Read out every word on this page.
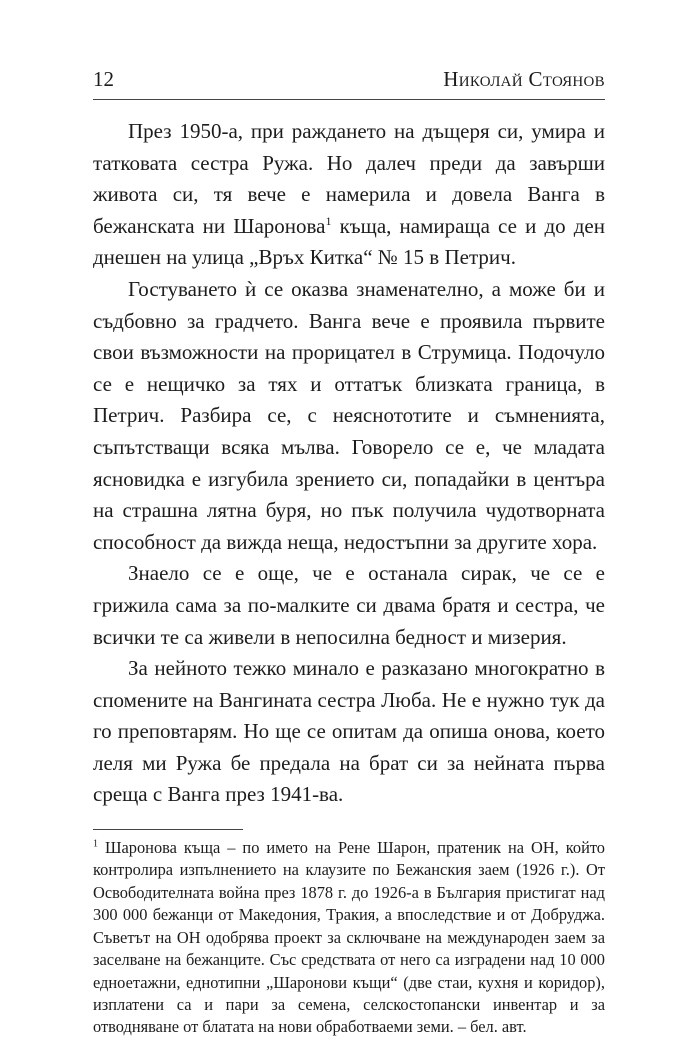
12	Николай Стоянов

През 1950-а, при раждането на дъщеря си, умира и татковата сестра Ружа. Но далеч преди да завърши живота си, тя вече е намерила и довела Ванга в бежанската ни Шаронова$^1$ къща, намираща се и до ден днешен на улица „Връх Китка“ № 15 в Петрич.

Гостуването ѝ се оказва знаменателно, а може би и съдбовно за градчето. Ванга вече е проявила първите свои възможности на прорицател в Струмица. Подочуло се е нещичко за тях и оттатък близката граница, в Петрич. Разбира се, с неяснототите и съмненията, съпътстващи всяка мълва. Говорело се е, че младата ясновидка е изгубила зрението си, попадайки в центъра на страшна лятна буря, но пък получила чудотворната способност да вижда неща, недостъпни за другите хора.

Знаело се е още, че е останала сирак, че се е грижила сама за по-малките си двама братя и сестра, че всички те са живели в непосилна бедност и мизерия.

За нейното тежко минало е разказано многократно в спомените на Вангината сестра Люба. Не е нужно тук да го преповтарям. Но ще се опитам да опиша онова, което леля ми Ружа бе предала на брат си за нейната първа среща с Ванга през 1941-ва.

$^1$ Шаронова къща – по името на Рене Шарон, пратеник на ОН, който контролира изпълнението на клаузите по Бежанския заем (1926 г.). От Освободителната война през 1878 г. до 1926-а в България пристигат над 300 000 бежанци от Македония, Тракия, а впоследствие и от Добруджа. Съветът на ОН одобрява проект за сключване на международен заем за заселване на бежанците. Със средствата от него са изградени над 10 000 едноетажни, еднотипни „Шаронови къщи“ (две стаи, кухня и коридор), изплатени са и пари за семена, селскостопански инвентар и за отводняване от блатата на нови обработваеми земи. – бел. авт.
